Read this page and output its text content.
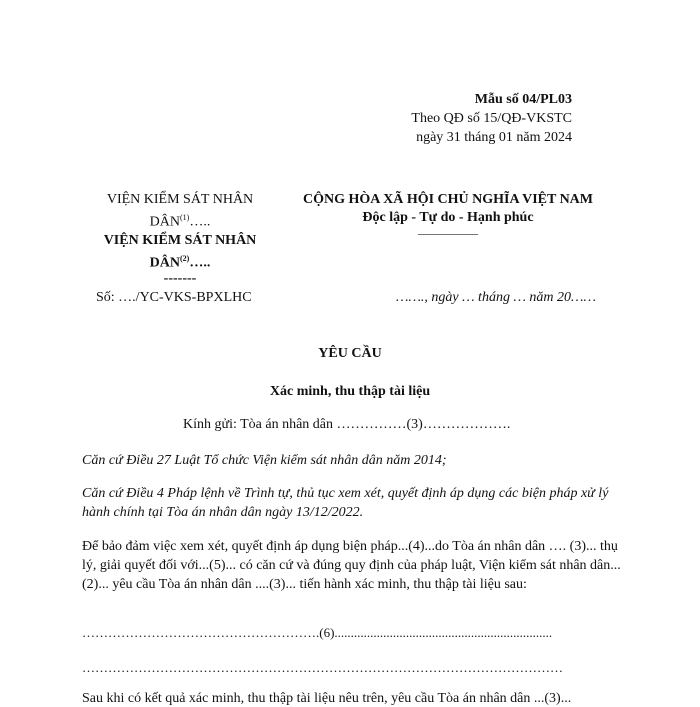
Mẫu số 04/PL03
Theo QĐ số 15/QĐ-VKSTC
ngày 31 tháng 01 năm 2024
VIỆN KIỂM SÁT NHÂN
DÂN$^{(1)}$…..
VIỆN KIỂM SÁT NHÂN
DÂN$^{(2)}$…..
-------
CỘNG HÒA XÃ HỘI CHỦ NGHĨA VIỆT NAM
Độc lập - Tự do - Hạnh phúc
—————
Số: …./YC-VKS-BPXLHC	……., ngày … tháng … năm 20……
YÊU CẦU
Xác minh, thu thập tài liệu
Kính gửi: Tòa án nhân dân ……………(3)……………….
Căn cứ Điều 27 Luật Tổ chức Viện kiểm sát nhân dân năm 2014;
Căn cứ Điều 4 Pháp lệnh về Trình tự, thủ tục xem xét, quyết định áp dụng các biện pháp xử lý hành chính tại Tòa án nhân dân ngày 13/12/2022.
Để bảo đảm việc xem xét, quyết định áp dụng biện pháp...(4)...do Tòa án nhân dân …. (3)... thụ lý, giải quyết đối với...(5)... có căn cứ và đúng quy định của pháp luật, Viện kiểm sát nhân dân...(2)... yêu cầu Tòa án nhân dân ....(3)... tiến hành xác minh, thu thập tài liệu sau:
……………………………………………….(6)...................................................................
…………………………………………………………………………………………………
Sau khi có kết quả xác minh, thu thập tài liệu nêu trên, yêu cầu Tòa án nhân dân ...(3)...
